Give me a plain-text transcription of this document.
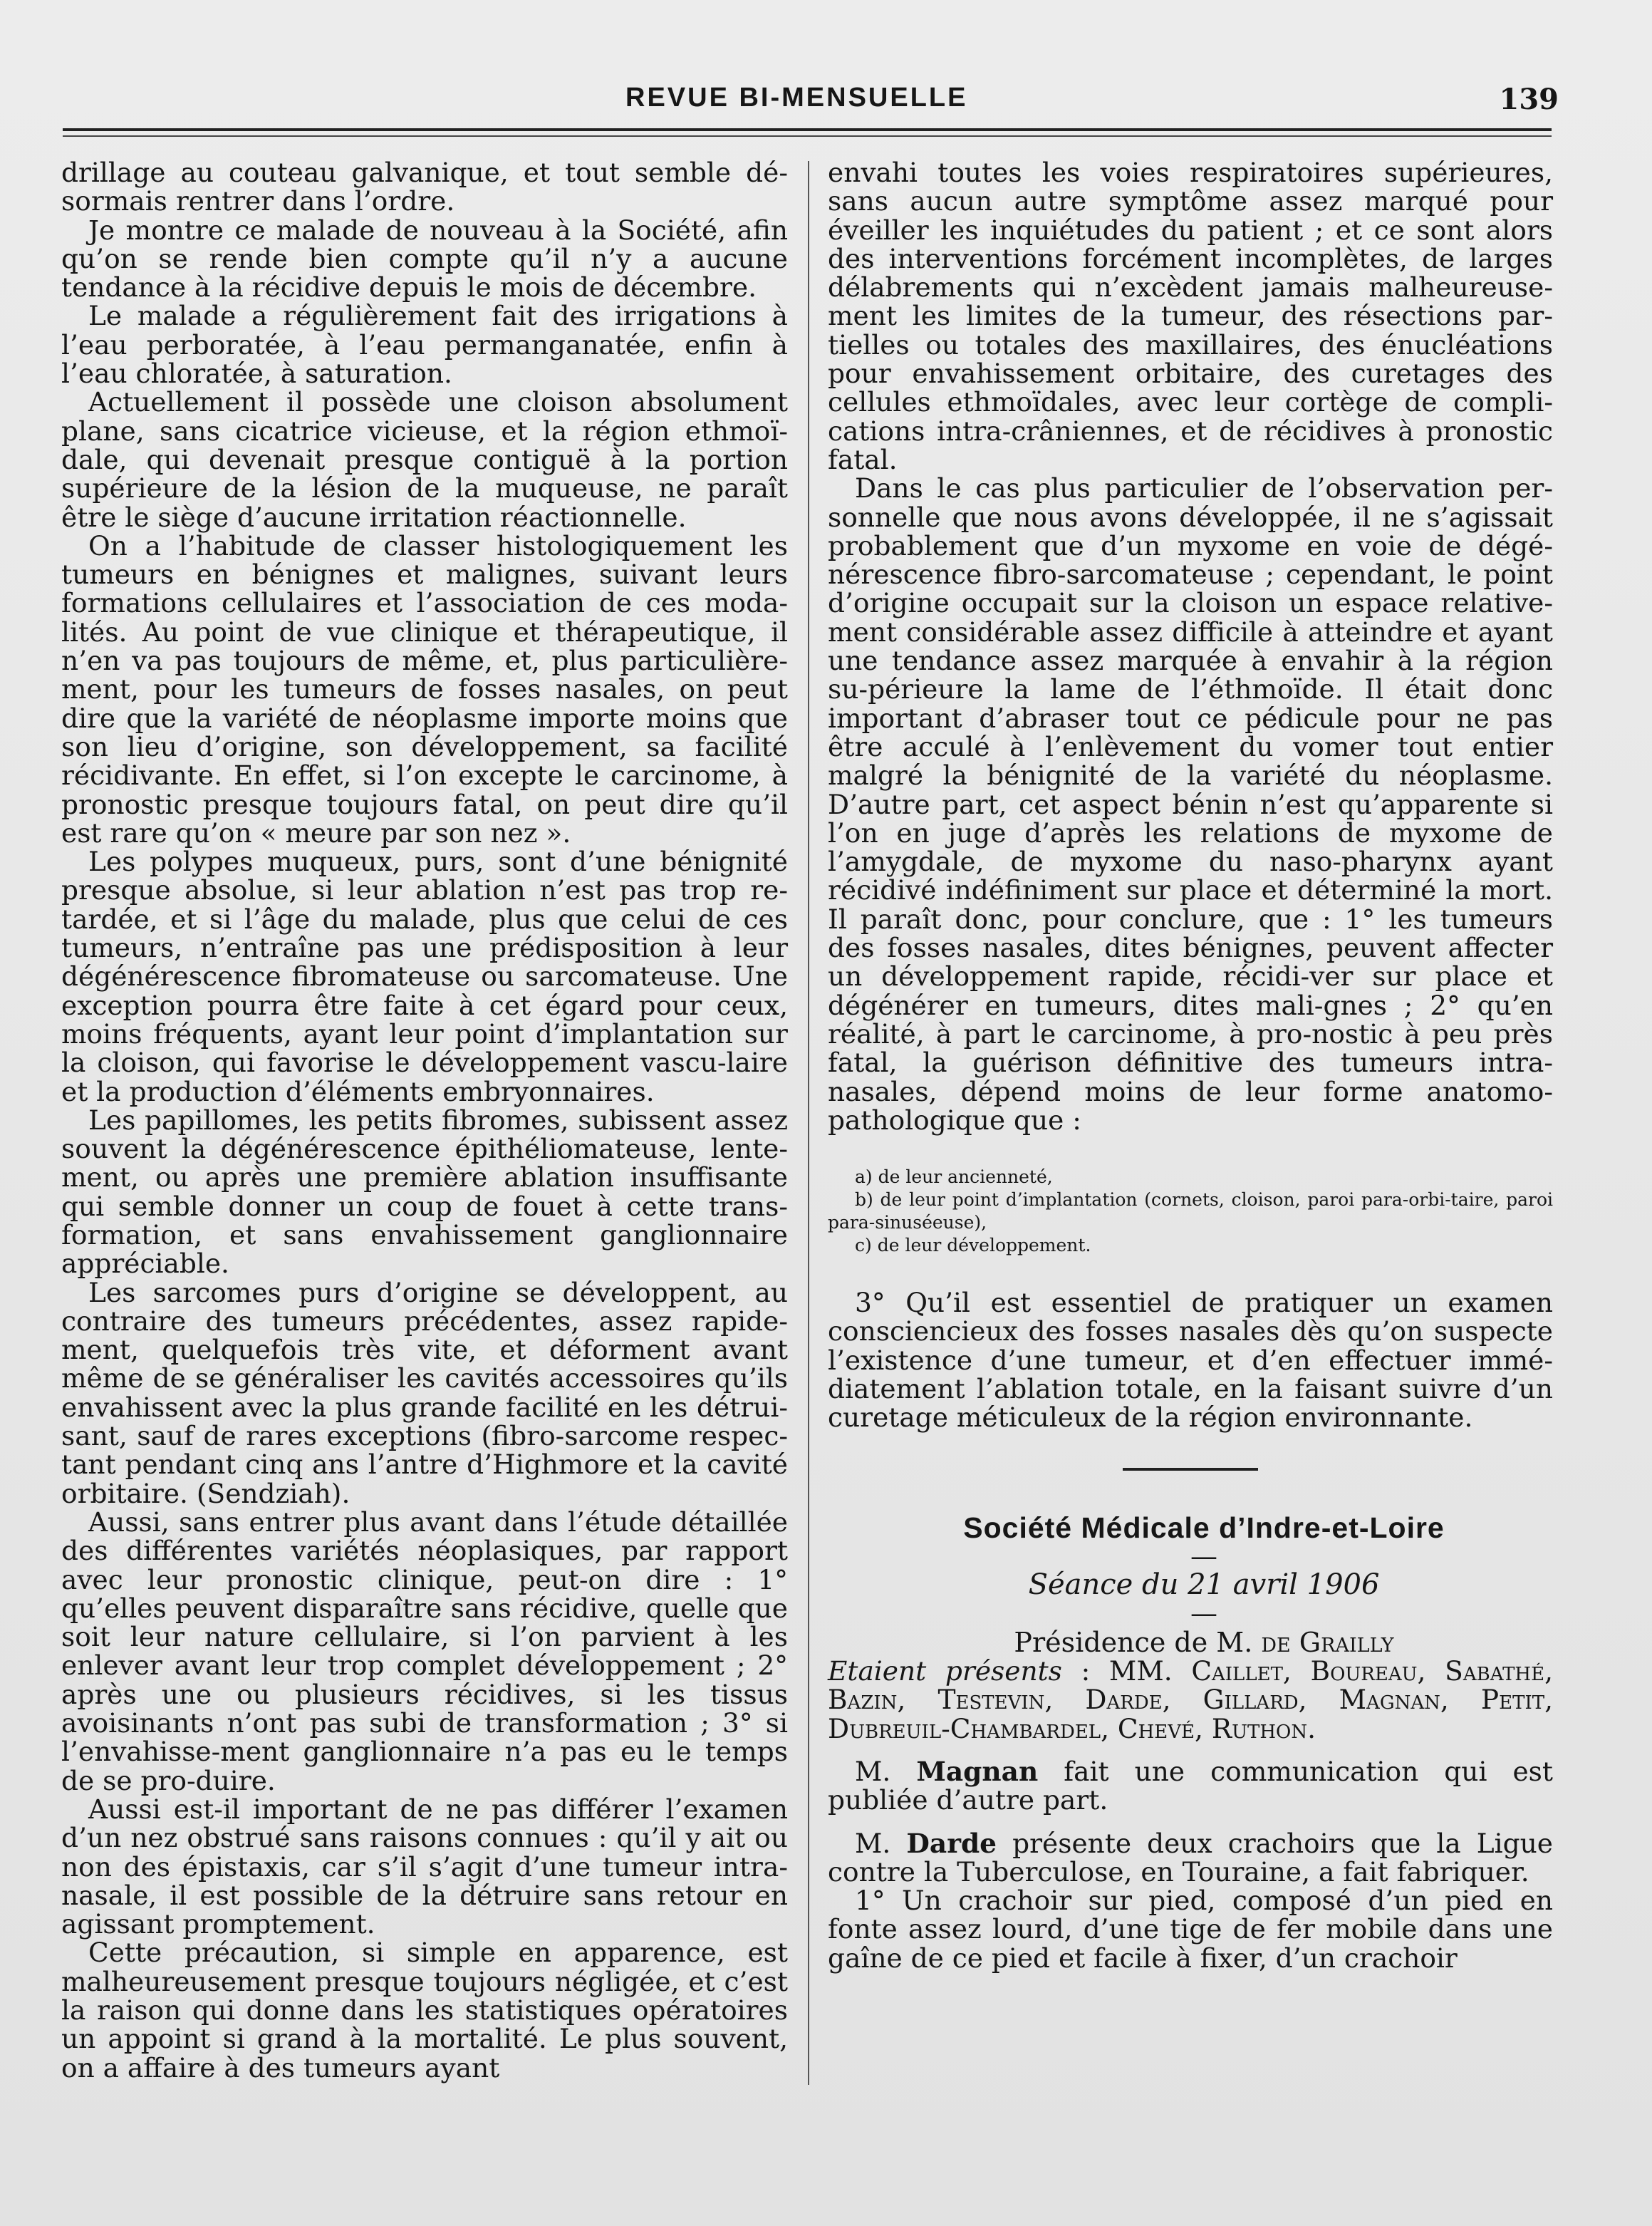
REVUE BI-MENSUELLE	139

drillage au couteau galvanique, et tout semble dé-sormais rentrer dans l’ordre.

Je montre ce malade de nouveau à la Société, afin qu’on se rende bien compte qu’il n’y a aucune tendance à la récidive depuis le mois de décembre.

Le malade a régulièrement fait des irrigations à l’eau perboratée, à l’eau permanganatée, enfin à l’eau chloratée, à saturation.

Actuellement il possède une cloison absolument plane, sans cicatrice vicieuse, et la région ethmoï-dale, qui devenait presque contiguë à la portion supérieure de la lésion de la muqueuse, ne paraît être le siège d’aucune irritation réactionnelle.

On a l’habitude de classer histologiquement les tumeurs en bénignes et malignes, suivant leurs formations cellulaires et l’association de ces moda-lités. Au point de vue clinique et thérapeutique, il n’en va pas toujours de même, et, plus particulière-ment, pour les tumeurs de fosses nasales, on peut dire que la variété de néoplasme importe moins que son lieu d’origine, son développement, sa facilité récidivante. En effet, si l’on excepte le carcinome, à pronostic presque toujours fatal, on peut dire qu’il est rare qu’on « meure par son nez ».

Les polypes muqueux, purs, sont d’une bénignité presque absolue, si leur ablation n’est pas trop re-tardée, et si l’âge du malade, plus que celui de ces tumeurs, n’entraîne pas une prédisposition à leur dégénérescence fibromateuse ou sarcomateuse. Une exception pourra être faite à cet égard pour ceux, moins fréquents, ayant leur point d’implantation sur la cloison, qui favorise le développement vascu-laire et la production d’éléments embryonnaires.

Les papillomes, les petits fibromes, subissent assez souvent la dégénérescence épithéliomateuse, lente-ment, ou après une première ablation insuffisante qui semble donner un coup de fouet à cette trans-formation, et sans envahissement ganglionnaire appréciable.

Les sarcomes purs d’origine se développent, au contraire des tumeurs précédentes, assez rapide-ment, quelquefois très vite, et déforment avant même de se généraliser les cavités accessoires qu’ils envahissent avec la plus grande facilité en les détrui-sant, sauf de rares exceptions (fibro-sarcome respec-tant pendant cinq ans l’antre d’Highmore et la cavité orbitaire. (Sendziah).

Aussi, sans entrer plus avant dans l’étude détaillée des différentes variétés néoplasiques, par rapport avec leur pronostic clinique, peut-on dire : 1° qu’elles peuvent disparaître sans récidive, quelle que soit leur nature cellulaire, si l’on parvient à les enlever avant leur trop complet développement ; 2° après une ou plusieurs récidives, si les tissus avoisinants n’ont pas subi de transformation ; 3° si l’envahisse-ment ganglionnaire n’a pas eu le temps de se pro-duire.

Aussi est-il important de ne pas différer l’examen d’un nez obstrué sans raisons connues : qu’il y ait ou non des épistaxis, car s’il s’agit d’une tumeur intra-nasale, il est possible de la détruire sans retour en agissant promptement.

Cette précaution, si simple en apparence, est malheureusement presque toujours négligée, et c’est la raison qui donne dans les statistiques opératoires un appoint si grand à la mortalité. Le plus souvent, on a affaire à des tumeurs ayant

envahi toutes les voies respiratoires supérieures, sans aucun autre symptôme assez marqué pour éveiller les inquiétudes du patient ; et ce sont alors des interventions forcément incomplètes, de larges délabrements qui n’excèdent jamais malheureuse-ment les limites de la tumeur, des résections par-tielles ou totales des maxillaires, des énucléations pour envahissement orbitaire, des curetages des cellules ethmoïdales, avec leur cortège de compli-cations intra-crâniennes, et de récidives à pronostic fatal.

Dans le cas plus particulier de l’observation per-sonnelle que nous avons développée, il ne s’agissait probablement que d’un myxome en voie de dégé-nérescence fibro-sarcomateuse ; cependant, le point d’origine occupait sur la cloison un espace relative-ment considérable assez difficile à atteindre et ayant une tendance assez marquée à envahir à la région su-périeure la lame de l’éthmoïde. Il était donc important d’abraser tout ce pédicule pour ne pas être acculé à l’enlèvement du vomer tout entier malgré la bénignité de la variété du néoplasme. D’autre part, cet aspect bénin n’est qu’apparente si l’on en juge d’après les relations de myxome de l’amygdale, de myxome du naso-pharynx ayant récidivé indéfiniment sur place et déterminé la mort. Il paraît donc, pour conclure, que : 1° les tumeurs des fosses nasales, dites bénignes, peuvent affecter un développement rapide, récidi-ver sur place et dégénérer en tumeurs, dites mali-gnes ; 2° qu’en réalité, à part le carcinome, à pro-nostic à peu près fatal, la guérison définitive des tumeurs intra-nasales, dépend moins de leur forme anatomo-pathologique que :

a) de leur ancienneté,

b) de leur point d’implantation (cornets, cloison, paroi para-orbi-taire, paroi para-sinuséeuse),

c) de leur développement.

3° Qu’il est essentiel de pratiquer un examen consciencieux des fosses nasales dès qu’on suspecte l’existence d’une tumeur, et d’en effectuer immé-diatement l’ablation totale, en la faisant suivre d’un curetage méticuleux de la région environnante.

Société Médicale d’Indre-et-Loire

—

Séance du 21 avril 1906

—

Présidence de M. de Grailly

Etaient présents : MM. Caillet, Boureau, Sabathé, Bazin, Testevin, Darde, Gillard, Magnan, Petit, Dubreuil-Chambardel, Chevé, Ruthon.

M. Magnan fait une communication qui est publiée d’autre part.

M. Darde présente deux crachoirs que la Ligue contre la Tuberculose, en Touraine, a fait fabriquer.

1° Un crachoir sur pied, composé d’un pied en fonte assez lourd, d’une tige de fer mobile dans une gaîne de ce pied et facile à fixer, d’un crachoir
